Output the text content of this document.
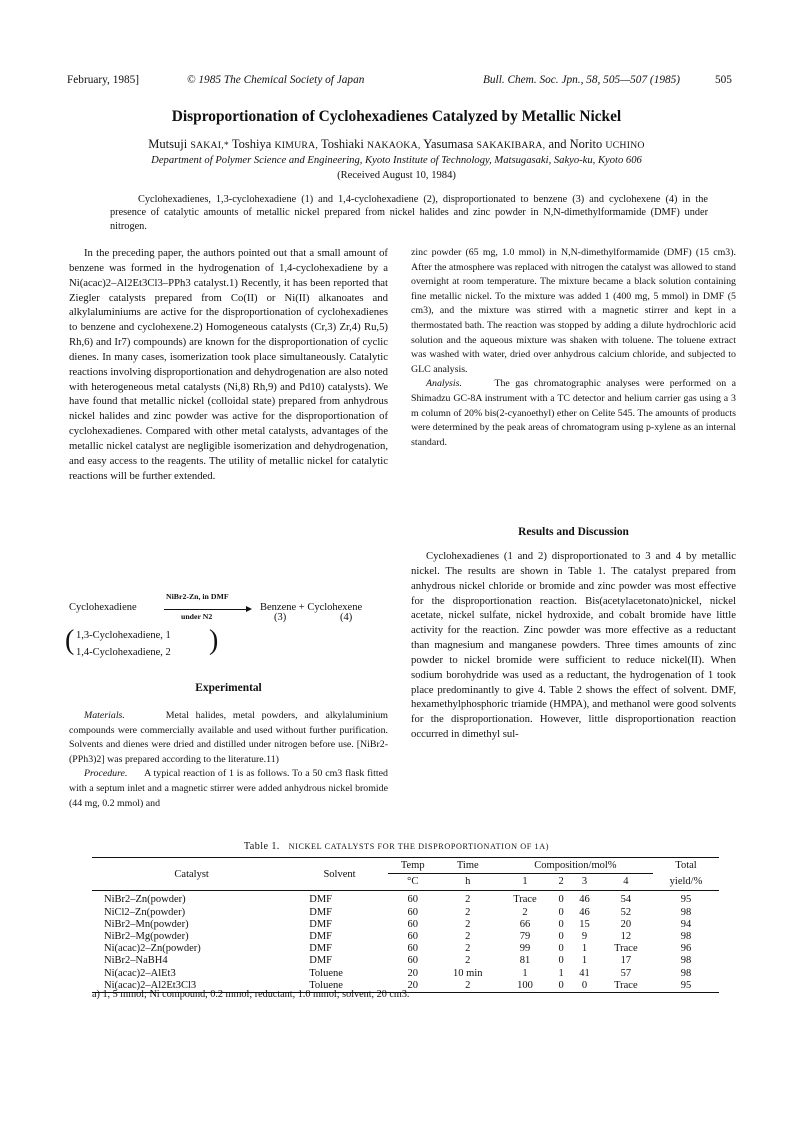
February, 1985]	© 1985 The Chemical Society of Japan	Bull. Chem. Soc. Jpn., 58, 505—507 (1985)	505
Disproportionation of Cyclohexadienes Catalyzed by Metallic Nickel
Mutsuji SAKAI,* Toshiya KIMURA, Toshiaki NAKAOKA, Yasumasa SAKAKIBARA, and Norito UCHINO
Department of Polymer Science and Engineering, Kyoto Institute of Technology, Matsugasaki, Sakyo-ku, Kyoto 606
(Received August 10, 1984)
Cyclohexadienes, 1,3-cyclohexadiene (1) and 1,4-cyclohexadiene (2), disproportionated to benzene (3) and cyclohexene (4) in the presence of catalytic amounts of metallic nickel prepared from nickel halides and zinc powder in N,N-dimethylformamide (DMF) under nitrogen.

In the preceding paper, the authors pointed out that a small amount of benzene was formed in the hydrogenation of 1,4-cyclohexadiene by a Ni(acac)2–Al2Et3Cl3–PPh3 catalyst.1) Recently, it has been reported that Ziegler catalysts prepared from Co(II) or Ni(II) alkanoates and alkylaluminiums are active for the disproportionation of cyclohexadienes to benzene and cyclohexene.2) Homogeneous catalysts (Cr,3) Zr,4) Ru,5) Rh,6) and Ir7) compounds) are known for the disproportionation of cyclic dienes. In many cases, isomerization took place simultaneously. Catalytic reactions involving disproportionation and dehydrogenation are also noted with heterogeneous metal catalysts (Ni,8) Rh,9) and Pd10) catalysts). We have found that metallic nickel (colloidal state) prepared from anhydrous nickel halides and zinc powder was active for the disproportionation of cyclohexadienes. Compared with other metal catalysts, advantages of the metallic nickel catalyst are negligible isomerization and dehydrogenation, and easy access to the reagents. The utility of metallic nickel for catalytic reactions will be further extended.

NiBr2-Zn, in DMF
Cyclohexadiene	Benzene + Cyclohexene
under N2	(3)	(4)
( 1,3-Cyclohexadiene, 1
1,4-Cyclohexadiene, 2 )
Experimental

Materials.	Metal halides, metal powders, and alkylaluminium compounds were commercially available and used without further purification. Solvents and dienes were dried and distilled under nitrogen before use. [NiBr2-(PPh3)2] was prepared according to the literature.11)

Procedure. A typical reaction of 1 is as follows. To a 50 cm3 flask fitted with a septum inlet and a magnetic stirrer were added anhydrous nickel bromide (44 mg, 0.2 mmol) and

zinc powder (65 mg, 1.0 mmol) in N,N-dimethylformamide (DMF) (15 cm3). After the atmosphere was replaced with nitrogen the catalyst was allowed to stand overnight at room temperature. The mixture became a black solution containing fine metallic nickel. To the mixture was added 1 (400 mg, 5 mmol) in DMF (5 cm3), and the mixture was stirred with a magnetic stirrer and kept in a thermostated bath. The reaction was stopped by adding a dilute hydrochloric acid solution and the aqueous mixture was shaken with toluene. The toluene extract was washed with water, dried over anhydrous calcium chloride, and subjected to GLC analysis.

Analysis.	The gas chromatographic analyses were performed on a Shimadzu GC-8A instrument with a TC detector and helium carrier gas using a 3 m column of 20% bis(2-cyanoethyl) ether on Celite 545. The amounts of products were determined by the peak areas of chromatogram using p-xylene as an internal standard.

Results and Discussion

Cyclohexadienes (1 and 2) disproportionated to 3 and 4 by metallic nickel. The results are shown in Table 1. The catalyst prepared from anhydrous nickel chloride or bromide and zinc powder was most effective for the disproportionation reaction. Bis(acetylacetonato)nickel, nickel acetate, nickel sulfate, nickel hydroxide, and cobalt bromide have little activity for the reaction. Zinc powder was more effective as a reductant than magnesium and manganese powders. Three times amounts of zinc powder to nickel bromide were sufficient to reduce nickel(II). When sodium borohydride was used as a reductant, the hydrogenation of 1 took place predominantly to give 4. Table 2 shows the effect of solvent. DMF, hexamethylphosphoric triamide (HMPA), and methanol were good solvents for the disproportionation. However, little disproportionation reaction occurred in dimethyl sul-

Table 1. NICKEL CATALYSTS FOR THE DISPROPORTIONATION OF 1A)
Catalyst	Solvent	Temp	Time	Composition/mol%				Total
		°C	h	1	2	3	4	yield/%
NiBr2–Zn(powder)	DMF	60	2	Trace	0	46	54	95
NiCl2–Zn(powder)	DMF	60	2	2	0	46	52	98
NiBr2–Mn(powder)	DMF	60	2	66	0	15	20	94
NiBr2–Mg(powder)	DMF	60	2	79	0	9	12	98
Ni(acac)2–Zn(powder)	DMF	60	2	99	0	1	Trace	96
NiBr2–NaBH4	DMF	60	2	81	0	1	17	98
Ni(acac)2–AlEt3	Toluene	20	10 min	1	1	41	57	98
Ni(acac)2–Al2Et3Cl3	Toluene	20	2	100	0	0	Trace	95
a) 1, 5 mmol; Ni compound, 0.2 mmol; reductant, 1.0 mmol; solvent, 20 cm3.
